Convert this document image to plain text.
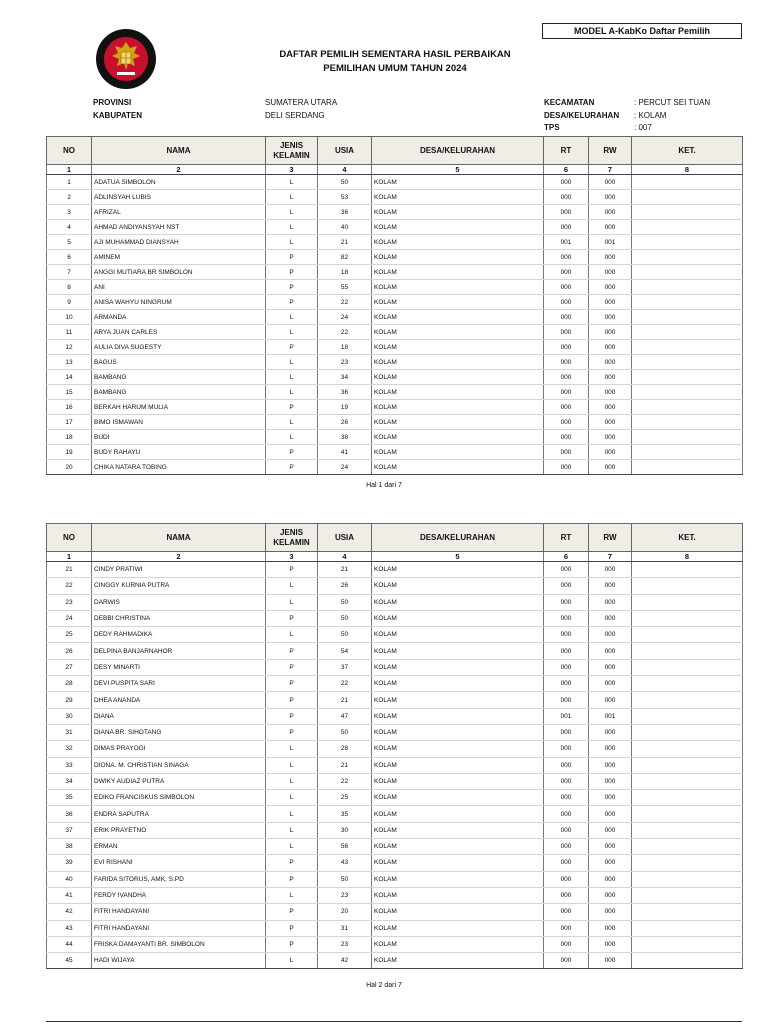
MODEL A-KabKo Daftar Pemilih
DAFTAR PEMILIH SEMENTARA HASIL PERBAIKAN
PEMILIHAN UMUM TAHUN 2024
PROVINSI	SUMATERA UTARA
KABUPATEN	DELI SERDANG
KECAMATAN	: PERCUT SEI TUAN
DESA/KELURAHAN : KOLAM
TPS	: 007
NO	NAMA	JENIS
KELAMIN	USIA	DESA/KELURAHAN	RT	RW	KET.
1	2	3	4	5	6	7	8
1	ADATUA SIMBOLON	L	50	KOLAM	000	000	
2	ADLINSYAH LUBIS	L	53	KOLAM	000	000	
3	AFRIZAL	L	36	KOLAM	000	000	
4	AHMAD ANDIYANSYAH NST	L	40	KOLAM	000	000	
5	AJI MUHAMMAD DIANSYAH	L	21	KOLAM	001	001	
6	AMINEM	P	82	KOLAM	000	000	
7	ANGGI MUTIARA BR SIMBOLON	P	18	KOLAM	000	000	
8	ANI	P	55	KOLAM	000	000	
9	ANISA WAHYU NINGRUM	P	22	KOLAM	000	000	
10	ARMANDA	L	24	KOLAM	000	000	
11	ARYA JUAN CARLES	L	22	KOLAM	000	000	
12	AULIA DIVA SUGESTY	P	18	KOLAM	000	000	
13	BAGUS	L	23	KOLAM	000	000	
14	BAMBANG	L	34	KOLAM	000	000	
15	BAMBANG	L	36	KOLAM	000	000	
16	BERKAH HARUM MULIA	P	19	KOLAM	000	000	
17	BIMO ISMAWAN	L	26	KOLAM	000	000	
18	BUDI	L	38	KOLAM	000	000	
19	BUDY RAHAYU	P	41	KOLAM	000	000	
20	CHIKA NATARA TOBING	P	24	KOLAM	000	000	
Hal 1 dari 7
NO	NAMA	JENIS
KELAMIN	USIA	DESA/KELURAHAN	RT	RW	KET.
1	2	3	4	5	6	7	8
21	CINDY PRATIWI	P	21	KOLAM	000	000	
22	CINGGY KURNIA PUTRA	L	26	KOLAM	000	000	
23	DARWIS	L	50	KOLAM	000	000	
24	DEBBI CHRISTINA	P	50	KOLAM	000	000	
25	DEDY RAHMADIKA	L	50	KOLAM	000	000	
26	DELPINA BANJARNAHOR	P	54	KOLAM	000	000	
27	DESY MINARTI	P	37	KOLAM	000	000	
28	DEVI PUSPITA SARI	P	22	KOLAM	000	000	
29	DHEA ANANDA	P	21	KOLAM	000	000	
30	DIANA	P	47	KOLAM	001	001	
31	DIANA BR. SIHOTANG	P	50	KOLAM	000	000	
32	DIMAS PRAYOGI	L	28	KOLAM	000	000	
33	DIONA. M. CHRISTIAN SINAGA	L	21	KOLAM	000	000	
34	DWIKY AUDIAZ PUTRA	L	22	KOLAM	000	000	
35	EDIKO FRANCISKUS SIMBOLON	L	25	KOLAM	000	000	
36	ENDRA SAPUTRA	L	35	KOLAM	000	000	
37	ERIK PRAYETNO	L	30	KOLAM	000	000	
38	ERMAN	L	56	KOLAM	000	000	
39	EVI RISHANI	P	43	KOLAM	000	000	
40	FARIDA SITORUS, AMK, S.PD	P	50	KOLAM	000	000	
41	FERDY IVANDHA	L	23	KOLAM	000	000	
42	FITRI HANDAYANI	P	20	KOLAM	000	000	
43	FITRI HANDAYANI	P	31	KOLAM	000	000	
44	FRISKA DAMAYANTI BR. SIMBOLON	P	23	KOLAM	000	000	
45	HADI WIJAYA	L	42	KOLAM	000	000	
Hal 2 dari 7
